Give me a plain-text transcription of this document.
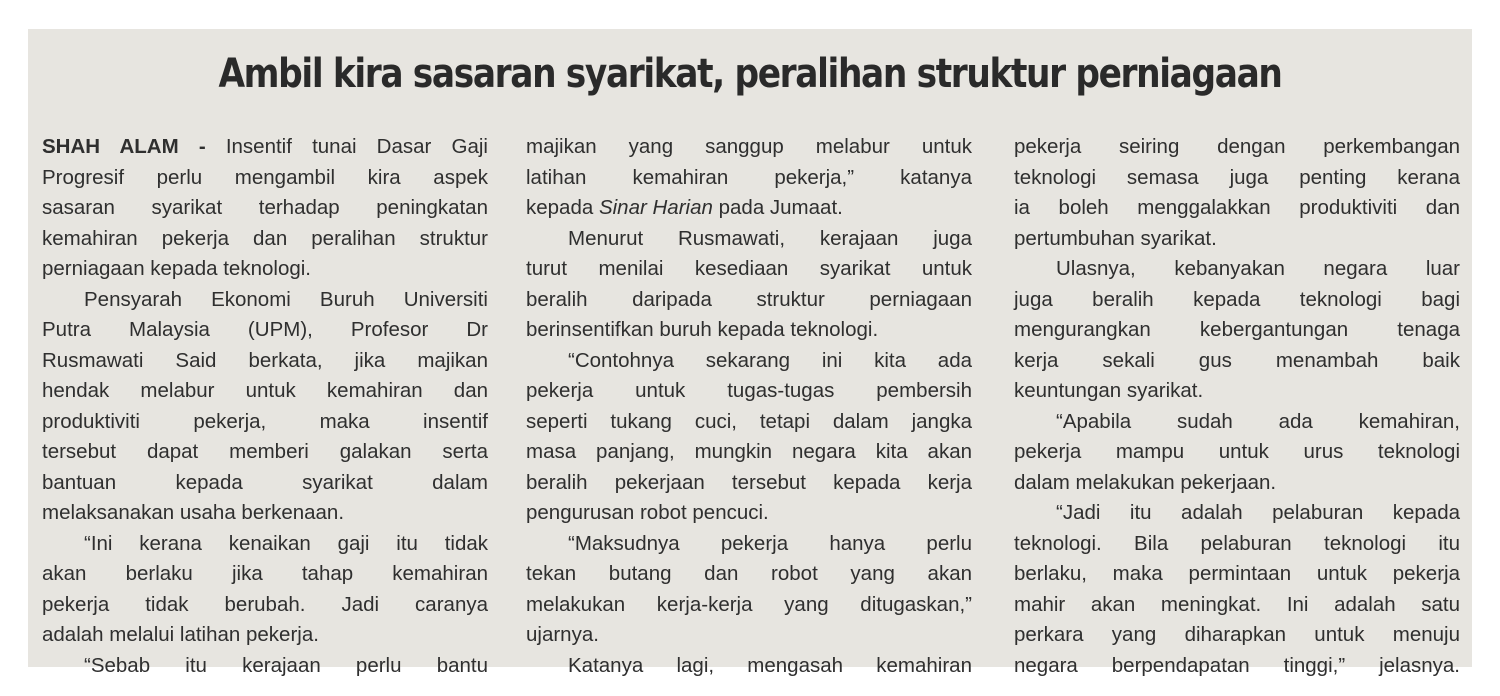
Ambil kira sasaran syarikat, peralihan struktur perniagaan
SHAH ALAM - Insentif tunai Dasar Gaji
Progresif perlu mengambil kira aspek
sasaran syarikat terhadap peningkatan
kemahiran pekerja dan peralihan struktur
perniagaan kepada teknologi.
Pensyarah Ekonomi Buruh Universiti
Putra Malaysia (UPM), Profesor Dr
Rusmawati Said berkata, jika majikan
hendak melabur untuk kemahiran dan
produktiviti pekerja, maka insentif
tersebut dapat memberi galakan serta
bantuan kepada syarikat dalam
melaksanakan usaha berkenaan.
“Ini kerana kenaikan gaji itu tidak
akan berlaku jika tahap kemahiran
pekerja tidak berubah. Jadi caranya
adalah melalui latihan pekerja.
“Sebab itu kerajaan perlu bantu
majikan yang sanggup melabur untuk
latihan kemahiran pekerja,” katanya
kepada Sinar Harian pada Jumaat.
Menurut Rusmawati, kerajaan juga
turut menilai kesediaan syarikat untuk
beralih daripada struktur perniagaan
berinsentifkan buruh kepada teknologi.
“Contohnya sekarang ini kita ada
pekerja untuk tugas-tugas pembersih
seperti tukang cuci, tetapi dalam jangka
masa panjang, mungkin negara kita akan
beralih pekerjaan tersebut kepada kerja
pengurusan robot pencuci.
“Maksudnya pekerja hanya perlu
tekan butang dan robot yang akan
melakukan kerja-kerja yang ditugaskan,”
ujarnya.
Katanya lagi, mengasah kemahiran
pekerja seiring dengan perkembangan
teknologi semasa juga penting kerana
ia boleh menggalakkan produktiviti dan
pertumbuhan syarikat.
Ulasnya, kebanyakan negara luar
juga beralih kepada teknologi bagi
mengurangkan kebergantungan tenaga
kerja sekali gus menambah baik
keuntungan syarikat.
“Apabila sudah ada kemahiran,
pekerja mampu untuk urus teknologi
dalam melakukan pekerjaan.
“Jadi itu adalah pelaburan kepada
teknologi. Bila pelaburan teknologi itu
berlaku, maka permintaan untuk pekerja
mahir akan meningkat. Ini adalah satu
perkara yang diharapkan untuk menuju
negara berpendapatan tinggi,” jelasnya.
